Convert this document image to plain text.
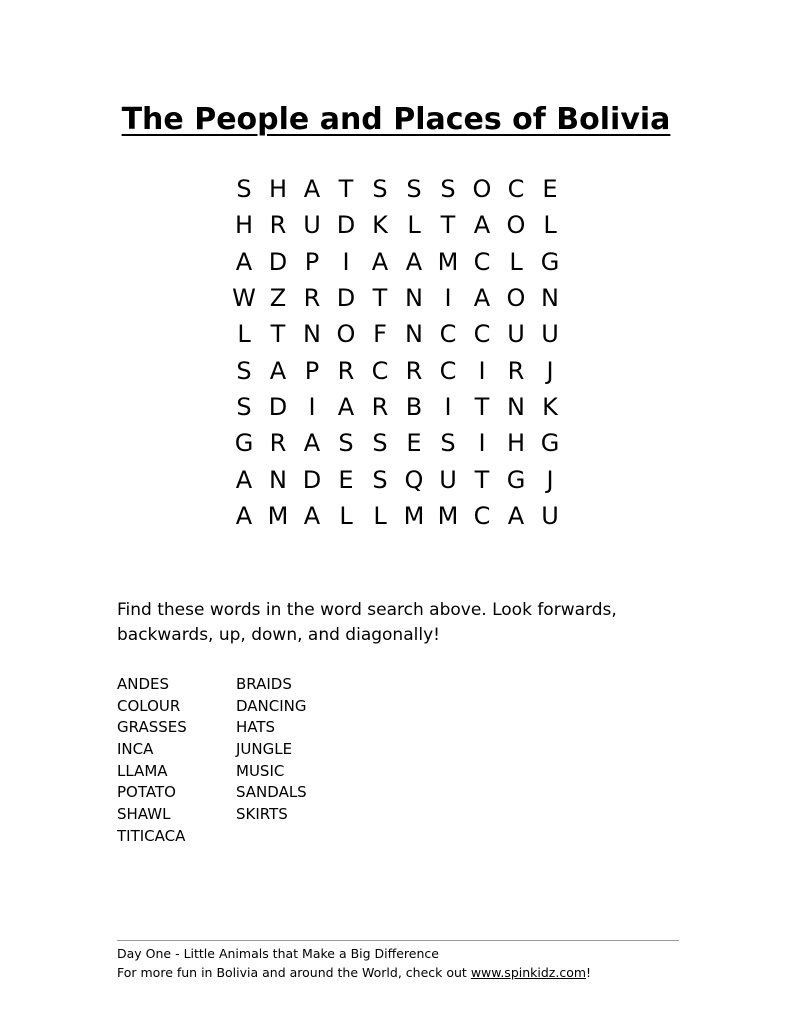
The People and Places of Bolivia
S H A T S S S O C E
H R U D K L T A O L
A D P I A A M C L G
W Z R D T N I A O N
L T N O F N C C U U
S A P R C R C I R J
S D I A R B I T N K
G R A S S E S I H G
A N D E S Q U T G J
A M A L L M M C A U
Find these words in the word search above. Look forwards,
backwards, up, down, and diagonally!
ANDES
COLOUR
GRASSES
INCA
LLAMA
POTATO
SHAWL
TITICACA
BRAIDS
DANCING
HATS
JUNGLE
MUSIC
SANDALS
SKIRTS
Day One - Little Animals that Make a Big Difference
For more fun in Bolivia and around the World, check out www.spinkidz.com!
